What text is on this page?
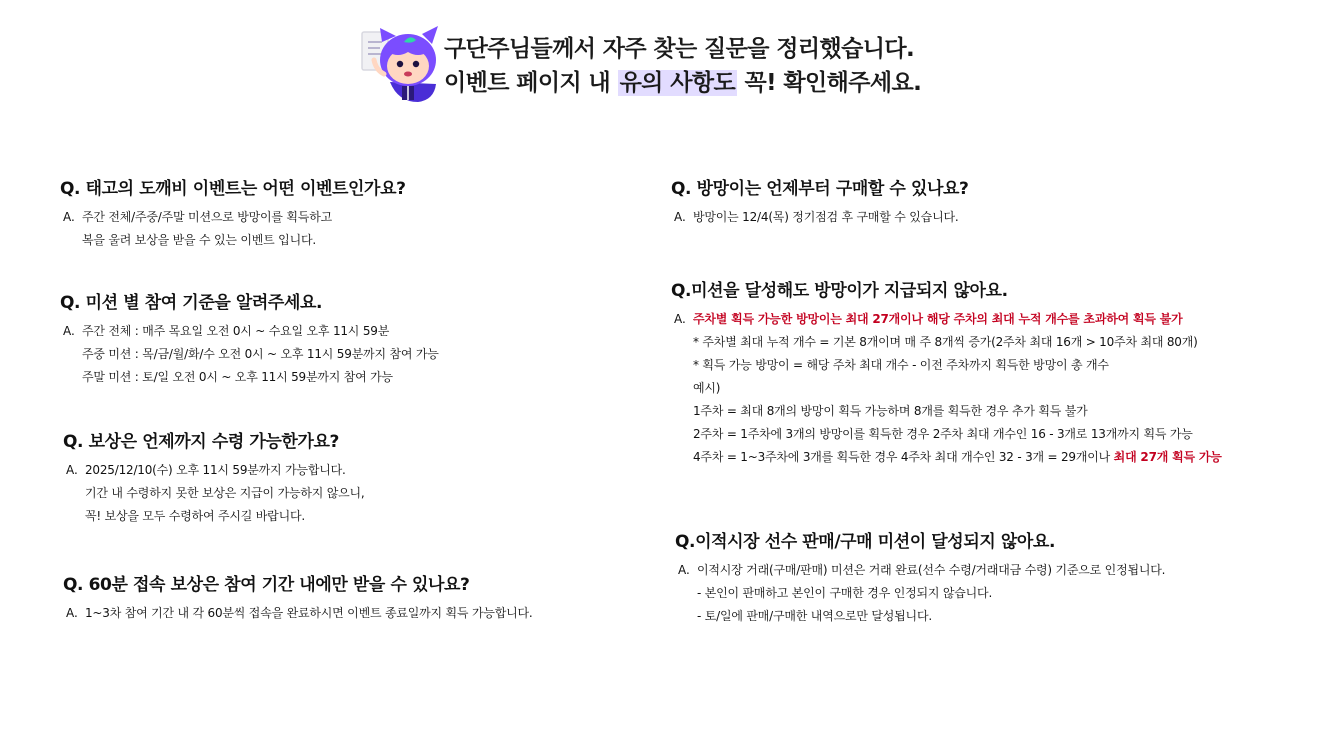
구단주님들께서 자주 찾는 질문을 정리했습니다.
이벤트 페이지 내 유의 사항도 꼭! 확인해주세요.
Q. 태고의 도깨비 이벤트는 어떤 이벤트인가요?
A. 주간 전체/주중/주말 미션으로 방망이를 획득하고
복을 울려 보상을 받을 수 있는 이벤트 입니다.
Q. 미션 별 참여 기준을 알려주세요.
A. 주간 전체 : 매주 목요일 오전 0시 ~ 수요일 오후 11시 59분
주중 미션 : 목/금/월/화/수 오전 0시 ~ 오후 11시 59분까지 참여 가능
주말 미션 : 토/일 오전 0시 ~ 오후 11시 59분까지 참여 가능
Q. 보상은 언제까지 수령 가능한가요?
A. 2025/12/10(수) 오후 11시 59분까지 가능합니다.
기간 내 수령하지 못한 보상은 지급이 가능하지 않으니,
꼭! 보상을 모두 수령하여 주시길 바랍니다.
Q. 60분 접속 보상은 참여 기간 내에만 받을 수 있나요?
A. 1~3차 참여 기간 내 각 60분씩 접속을 완료하시면 이벤트 종료일까지 획득 가능합니다.
Q. 방망이는 언제부터 구매할 수 있나요?
A. 방망이는 12/4(목) 정기점검 후 구매할 수 있습니다.
Q.미션을 달성해도 방망이가 지급되지 않아요.
A. 주차별 획득 가능한 방망이는 최대 27개이나 해당 주차의 최대 누적 개수를 초과하여 획득 불가
* 주차별 최대 누적 개수 = 기본 8개이며 매 주 8개씩 증가(2주차 최대 16개 > 10주차 최대 80개)
* 획득 가능 방망이 = 해당 주차 최대 개수 - 이전 주차까지 획득한 방망이 총 개수
예시)
1주차 = 최대 8개의 방망이 획득 가능하며 8개를 획득한 경우 추가 획득 불가
2주차 = 1주차에 3개의 방망이를 획득한 경우 2주차 최대 개수인 16 - 3개로 13개까지 획득 가능
4주차 = 1~3주차에 3개를 획득한 경우 4주차 최대 개수인 32 - 3개 = 29개이나 최대 27개 획득 가능
Q.이적시장 선수 판매/구매 미션이 달성되지 않아요.
A. 이적시장 거래(구매/판매) 미션은 거래 완료(선수 수령/거래대금 수령) 기준으로 인정됩니다.
- 본인이 판매하고 본인이 구매한 경우 인정되지 않습니다.
- 토/일에 판매/구매한 내역으로만 달성됩니다.
